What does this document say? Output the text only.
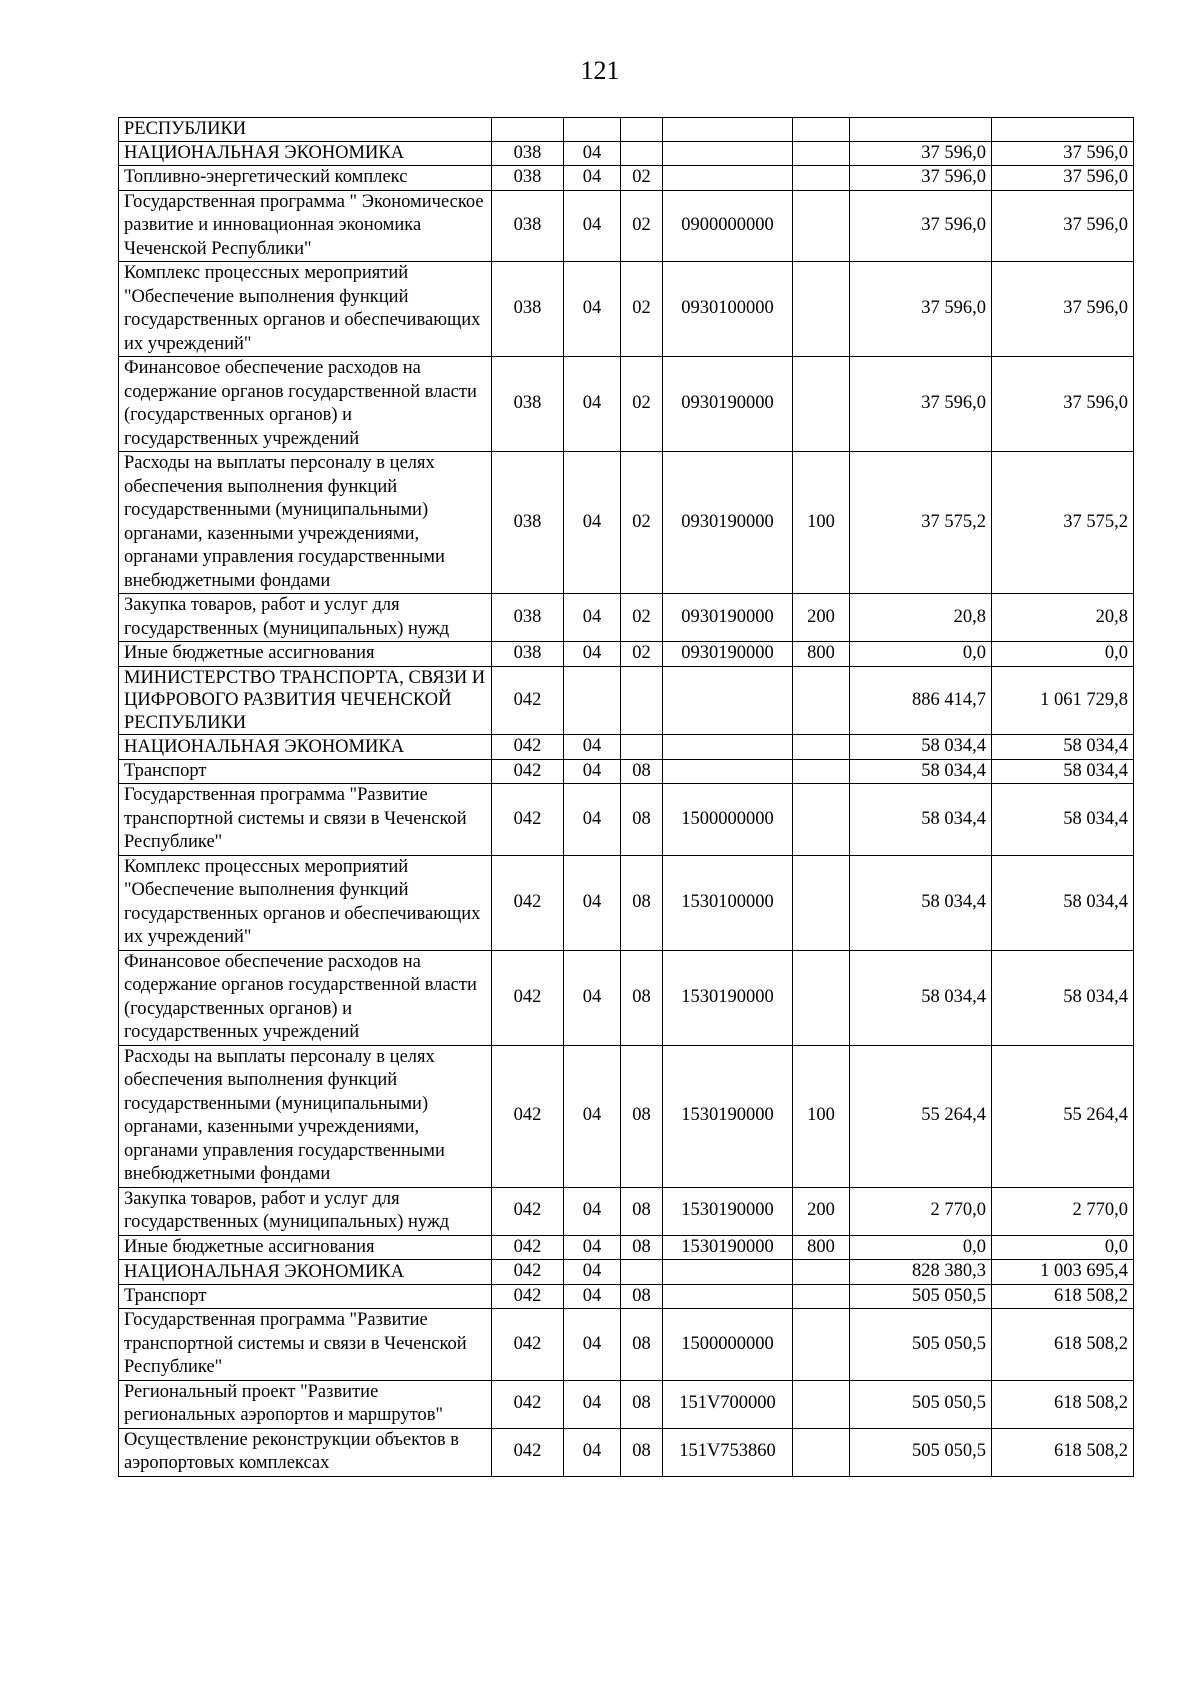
121
РЕСПУБЛИКИ							
НАЦИОНАЛЬНАЯ ЭКОНОМИКА	038	04				37 596,0	37 596,0
Топливно-энергетический комплекс	038	04	02			37 596,0	37 596,0
Государственная программа " Экономическое развитие и инновационная экономика Чеченской Республики"	038	04	02	0900000000		37 596,0	37 596,0
Комплекс процессных мероприятий "Обеспечение выполнения функций государственных органов и обеспечивающих их учреждений"	038	04	02	0930100000		37 596,0	37 596,0
Финансовое обеспечение расходов на содержание органов государственной власти (государственных органов) и государственных учреждений	038	04	02	0930190000		37 596,0	37 596,0
Расходы на выплаты персоналу в целях обеспечения выполнения функций государственными (муниципальными) органами, казенными учреждениями, органами управления государственными внебюджетными фондами	038	04	02	0930190000	100	37 575,2	37 575,2
Закупка товаров, работ и услуг для государственных (муниципальных) нужд	038	04	02	0930190000	200	20,8	20,8
Иные бюджетные ассигнования	038	04	02	0930190000	800	0,0	0,0
МИНИСТЕРСТВО ТРАНСПОРТА, СВЯЗИ И ЦИФРОВОГО РАЗВИТИЯ ЧЕЧЕНСКОЙ РЕСПУБЛИКИ	042					886 414,7	1 061 729,8
НАЦИОНАЛЬНАЯ ЭКОНОМИКА	042	04				58 034,4	58 034,4
Транспорт	042	04	08			58 034,4	58 034,4
Государственная программа "Развитие транспортной системы и связи в Чеченской Республике"	042	04	08	1500000000		58 034,4	58 034,4
Комплекс процессных мероприятий "Обеспечение выполнения функций государственных органов и обеспечивающих их учреждений"	042	04	08	1530100000		58 034,4	58 034,4
Финансовое обеспечение расходов на содержание органов государственной власти (государственных органов) и государственных учреждений	042	04	08	1530190000		58 034,4	58 034,4
Расходы на выплаты персоналу в целях обеспечения выполнения функций государственными (муниципальными) органами, казенными учреждениями, органами управления государственными внебюджетными фондами	042	04	08	1530190000	100	55 264,4	55 264,4
Закупка товаров, работ и услуг для государственных (муниципальных) нужд	042	04	08	1530190000	200	2 770,0	2 770,0
Иные бюджетные ассигнования	042	04	08	1530190000	800	0,0	0,0
НАЦИОНАЛЬНАЯ ЭКОНОМИКА	042	04				828 380,3	1 003 695,4
Транспорт	042	04	08			505 050,5	618 508,2
Государственная программа "Развитие транспортной системы и связи в Чеченской Республике"	042	04	08	1500000000		505 050,5	618 508,2
Региональный проект "Развитие региональных аэропортов и маршрутов"	042	04	08	151V700000		505 050,5	618 508,2
Осуществление реконструкции объектов в аэропортовых комплексах	042	04	08	151V753860		505 050,5	618 508,2
